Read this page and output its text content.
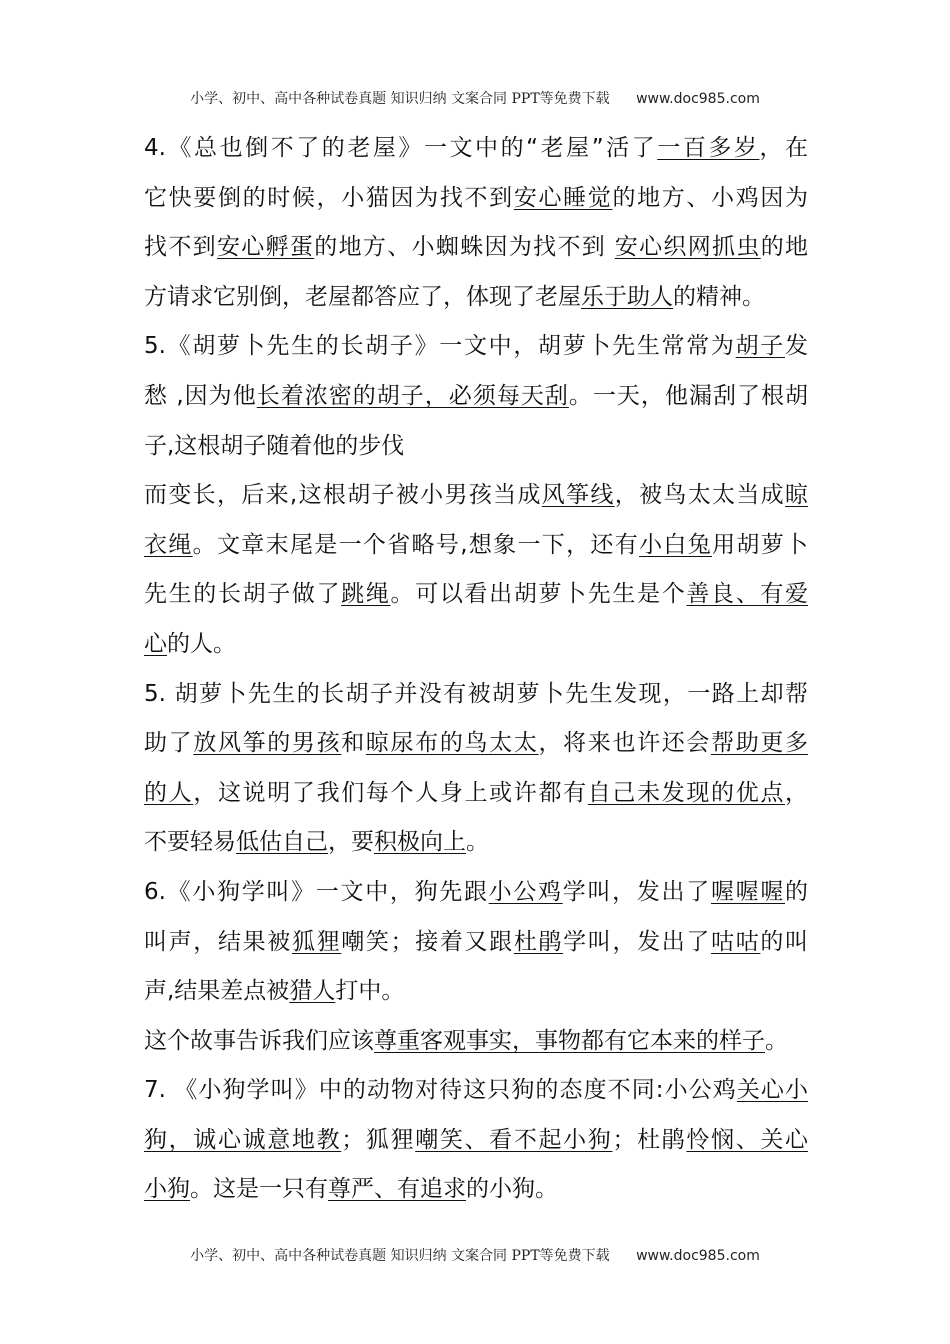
小学、初中、高中各种试卷真题 知识归纳 文案合同 PPT等免费下载 www.doc985.com
4.《总也倒不了的老屋》一文中的“老屋”活了一百多岁，在
它快要倒的时候，小猫因为找不到安心睡觉的地方、小鸡因为
找不到安心孵蛋的地方、小蜘蛛因为找不到 安心织网抓虫的地
方请求它别倒，老屋都答应了，体现了老屋乐于助人的精神。
5.《胡萝卜先生的长胡子》一文中，胡萝卜先生常常为胡子发
愁 ,因为他长着浓密的胡子，必须每天刮。一天，他漏刮了根胡
子,这根胡子随着他的步伐
而变长，后来,这根胡子被小男孩当成风筝线，被鸟太太当成晾
衣绳。文章末尾是一个省略号,想象一下，还有小白兔用胡萝卜
先生的长胡子做了跳绳。可以看出胡萝卜先生是个善良、有爱
心的人。
5. 胡萝卜先生的长胡子并没有被胡萝卜先生发现，一路上却帮
助了放风筝的男孩和晾尿布的鸟太太，将来也许还会帮助更多
的人，这说明了我们每个人身上或许都有自己未发现的优点，
不要轻易低估自己，要积极向上。
6.《小狗学叫》一文中，狗先跟小公鸡学叫，发出了喔喔喔的
叫声，结果被狐狸嘲笑；接着又跟杜鹃学叫，发出了咕咕的叫
声,结果差点被猎人打中。
这个故事告诉我们应该尊重客观事实，事物都有它本来的样子。
7. 《小狗学叫》中的动物对待这只狗的态度不同:小公鸡关心小
狗，诚心诚意地教；狐狸嘲笑、看不起小狗；杜鹃怜悯、关心
小狗。这是一只有尊严、有追求的小狗。
小学、初中、高中各种试卷真题 知识归纳 文案合同 PPT等免费下载 www.doc985.com
